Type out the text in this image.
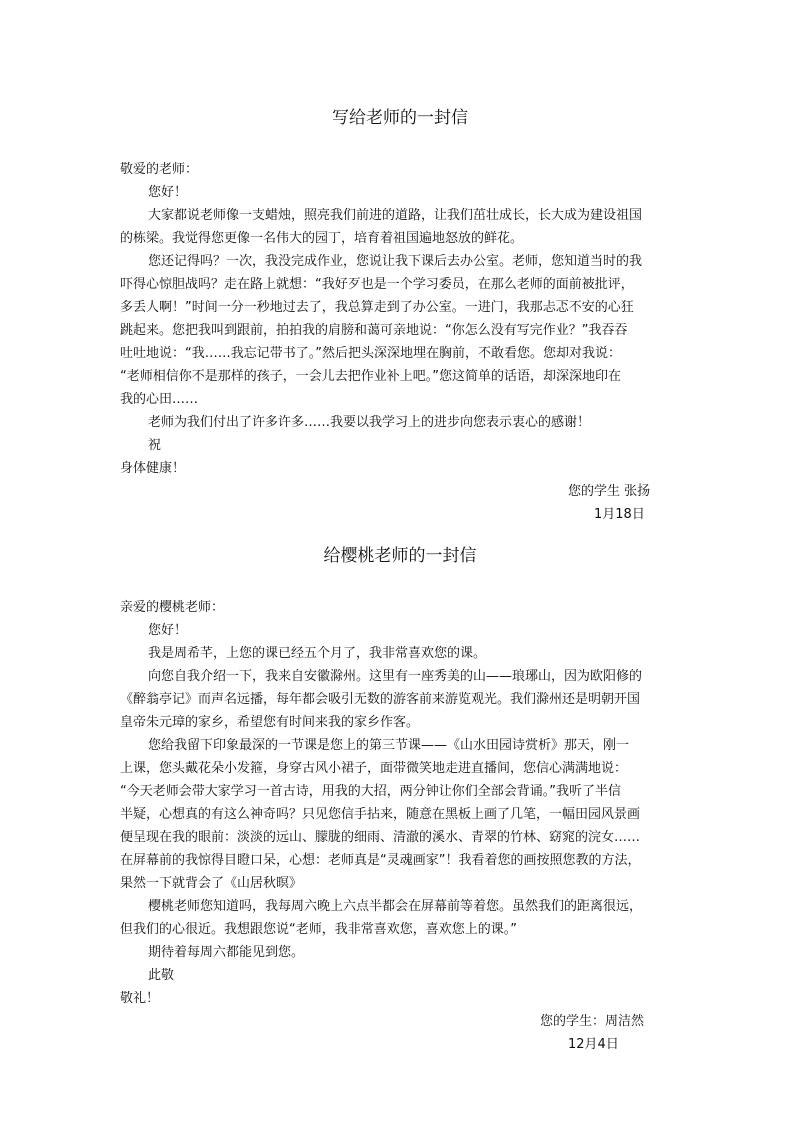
写给老师的一封信
敬爱的老师：
您好！
大家都说老师像一支蜡烛，照亮我们前进的道路，让我们茁壮成长，长大成为建设祖国
的栋梁。我觉得您更像一名伟大的园丁，培育着祖国遍地怒放的鲜花。
您还记得吗？一次，我没完成作业，您说让我下课后去办公室。老师，您知道当时的我
吓得心惊胆战吗？走在路上就想：“我好歹也是一个学习委员，在那么老师的面前被批评，
多丢人啊！”时间一分一秒地过去了，我总算走到了办公室。一进门，我那忐忑不安的心狂
跳起来。您把我叫到跟前，拍拍我的肩膀和蔼可亲地说：“你怎么没有写完作业？”我吞吞
吐吐地说：“我……我忘记带书了。”然后把头深深地埋在胸前，不敢看您。您却对我说：
“老师相信你不是那样的孩子，一会儿去把作业补上吧。”您这简单的话语，却深深地印在
我的心田……
老师为我们付出了许多许多……我要以我学习上的进步向您表示衷心的感谢！
祝
身体健康！
您的学生 张扬
1月18日
给樱桃老师的一封信
亲爱的樱桃老师：
您好！
我是周希芊，上您的课已经五个月了，我非常喜欢您的课。
向您自我介绍一下，我来自安徽滁州。这里有一座秀美的山——琅琊山，因为欧阳修的
《醉翁亭记》而声名远播，每年都会吸引无数的游客前来游览观光。我们滁州还是明朝开国
皇帝朱元璋的家乡，希望您有时间来我的家乡作客。
您给我留下印象最深的一节课是您上的第三节课——《山水田园诗赏析》那天，刚一
上课，您头戴花朵小发箍，身穿古风小裙子，面带微笑地走进直播间，您信心满满地说：
“今天老师会带大家学习一首古诗，用我的大招，两分钟让你们全部会背诵。”我听了半信
半疑，心想真的有这么神奇吗？只见您信手拈来，随意在黑板上画了几笔，一幅田园风景画
便呈现在我的眼前：淡淡的远山、朦胧的细雨、清澈的溪水、青翠的竹林、窈窕的浣女……
在屏幕前的我惊得目瞪口呆，心想：老师真是“灵魂画家”！我看着您的画按照您教的方法，
果然一下就背会了《山居秋暝》
樱桃老师您知道吗，我每周六晚上六点半都会在屏幕前等着您。虽然我们的距离很远，
但我们的心很近。我想跟您说“老师，我非常喜欢您，喜欢您上的课。”
期待着每周六都能见到您。
此敬
敬礼！
您的学生：周洁然
12月4日
